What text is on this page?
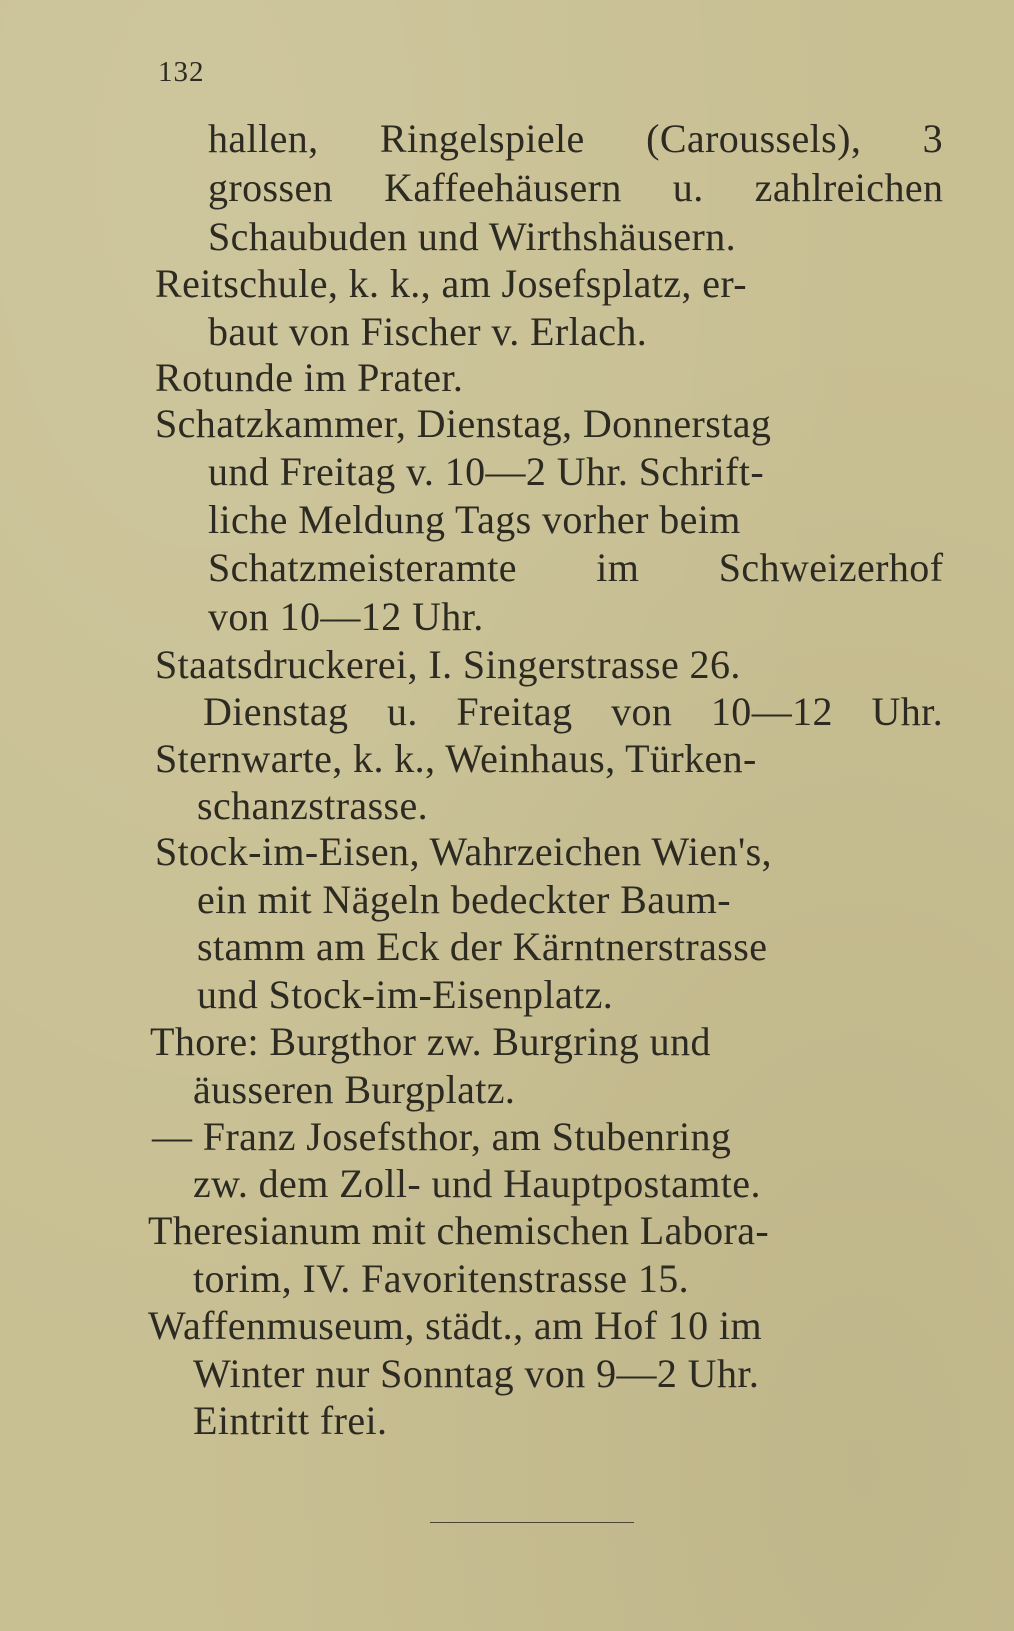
132
hallen, Ringelspiele (Caroussels), 3
grossen Kaffeehäusern u. zahlreichen
Schaubuden und Wirthshäusern.
Reitschule, k. k., am Josefsplatz, er-
baut von Fischer v. Erlach.
Rotunde im Prater.
Schatzkammer, Dienstag, Donnerstag
und Freitag v. 10—2 Uhr. Schrift-
liche Meldung Tags vorher beim
Schatzmeisteramte im Schweizerhof
von 10—12 Uhr.
Staatsdruckerei, I. Singerstrasse 26.
Dienstag u. Freitag von 10—12 Uhr.
Sternwarte, k. k., Weinhaus, Türken-
schanzstrasse.
Stock-im-Eisen, Wahrzeichen Wien's,
ein mit Nägeln bedeckter Baum-
stamm am Eck der Kärntnerstrasse
und Stock-im-Eisenplatz.
Thore: Burgthor zw. Burgring und
äusseren Burgplatz.
— Franz Josefsthor, am Stubenring
zw. dem Zoll- und Hauptpostamte.
Theresianum mit chemischen Labora-
torim, IV. Favoritenstrasse 15.
Waffenmuseum, städt., am Hof 10 im
Winter nur Sonntag von 9—2 Uhr.
Eintritt frei.
